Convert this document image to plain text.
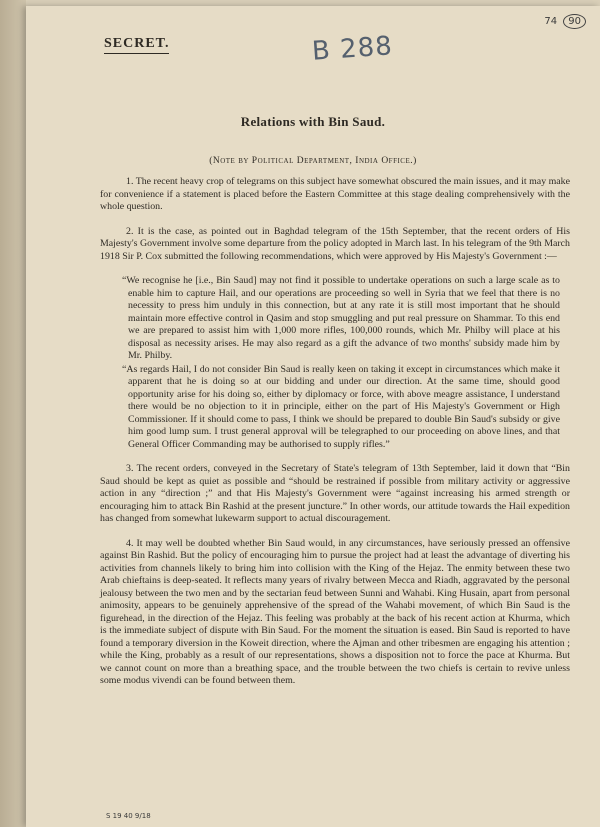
74 90
SECRET.	B 288
Relations with Bin Saud.
(Note by Political Department, India Office.)

1. The recent heavy crop of telegrams on this subject have somewhat obscured the main issues, and it may make for convenience if a statement is placed before the Eastern Committee at this stage dealing comprehensively with the whole question.

2. It is the case, as pointed out in Baghdad telegram of the 15th September, that the recent orders of His Majesty's Government involve some departure from the policy adopted in March last. In his telegram of the 9th March 1918 Sir P. Cox submitted the following recommendations, which were approved by His Majesty's Government :—

“We recognise he [i.e., Bin Saud] may not find it possible to undertake operations on such a large scale as to enable him to capture Hail, and our operations are proceeding so well in Syria that we feel that there is no necessity to press him unduly in this connection, but at any rate it is still most important that he should maintain more effective control in Qasim and stop smuggling and put real pressure on Shammar. To this end we are prepared to assist him with 1,000 more rifles, 100,000 rounds, which Mr. Philby will place at his disposal as necessity arises. He may also regard as a gift the advance of two months' subsidy made him by Mr. Philby.

“As regards Hail, I do not consider Bin Saud is really keen on taking it except in circumstances which make it apparent that he is doing so at our bidding and under our direction. At the same time, should good opportunity arise for his doing so, either by diplomacy or force, with above meagre assistance, I understand there would be no objection to it in principle, either on the part of His Majesty's Government or High Commissioner. If it should come to pass, I think we should be prepared to double Bin Saud's subsidy or give him good lump sum. I trust general approval will be telegraphed to our proceeding on above lines, and that General Officer Commanding may be authorised to supply rifles.”

3. The recent orders, conveyed in the Secretary of State's telegram of 13th September, laid it down that “Bin Saud should be kept as quiet as possible and “should be restrained if possible from military activity or aggressive action in any “direction ;” and that His Majesty's Government were “against increasing his armed strength or encouraging him to attack Bin Rashid at the present juncture.” In other words, our attitude towards the Hail expedition has changed from somewhat lukewarm support to actual discouragement.

4. It may well be doubted whether Bin Saud would, in any circumstances, have seriously pressed an offensive against Bin Rashid. But the policy of encouraging him to pursue the project had at least the advantage of diverting his activities from channels likely to bring him into collision with the King of the Hejaz. The enmity between these two Arab chieftains is deep-seated. It reflects many years of rivalry between Mecca and Riadh, aggravated by the personal jealousy between the two men and by the sectarian feud between Sunni and Wahabi. King Husain, apart from personal animosity, appears to be genuinely apprehensive of the spread of the Wahabi movement, of which Bin Saud is the figurehead, in the direction of the Hejaz. This feeling was probably at the back of his recent action at Khurma, which is the immediate subject of dispute with Bin Saud. For the moment the situation is eased. Bin Saud is reported to have found a temporary diversion in the Koweit direction, where the Ajman and other tribesmen are engaging his attention ; while the King, probably as a result of our representations, shows a disposition not to force the pace at Khurma. But we cannot count on more than a breathing space, and the trouble between the two chiefs is certain to revive unless some modus vivendi can be found between them.

S 19 40 9/18
